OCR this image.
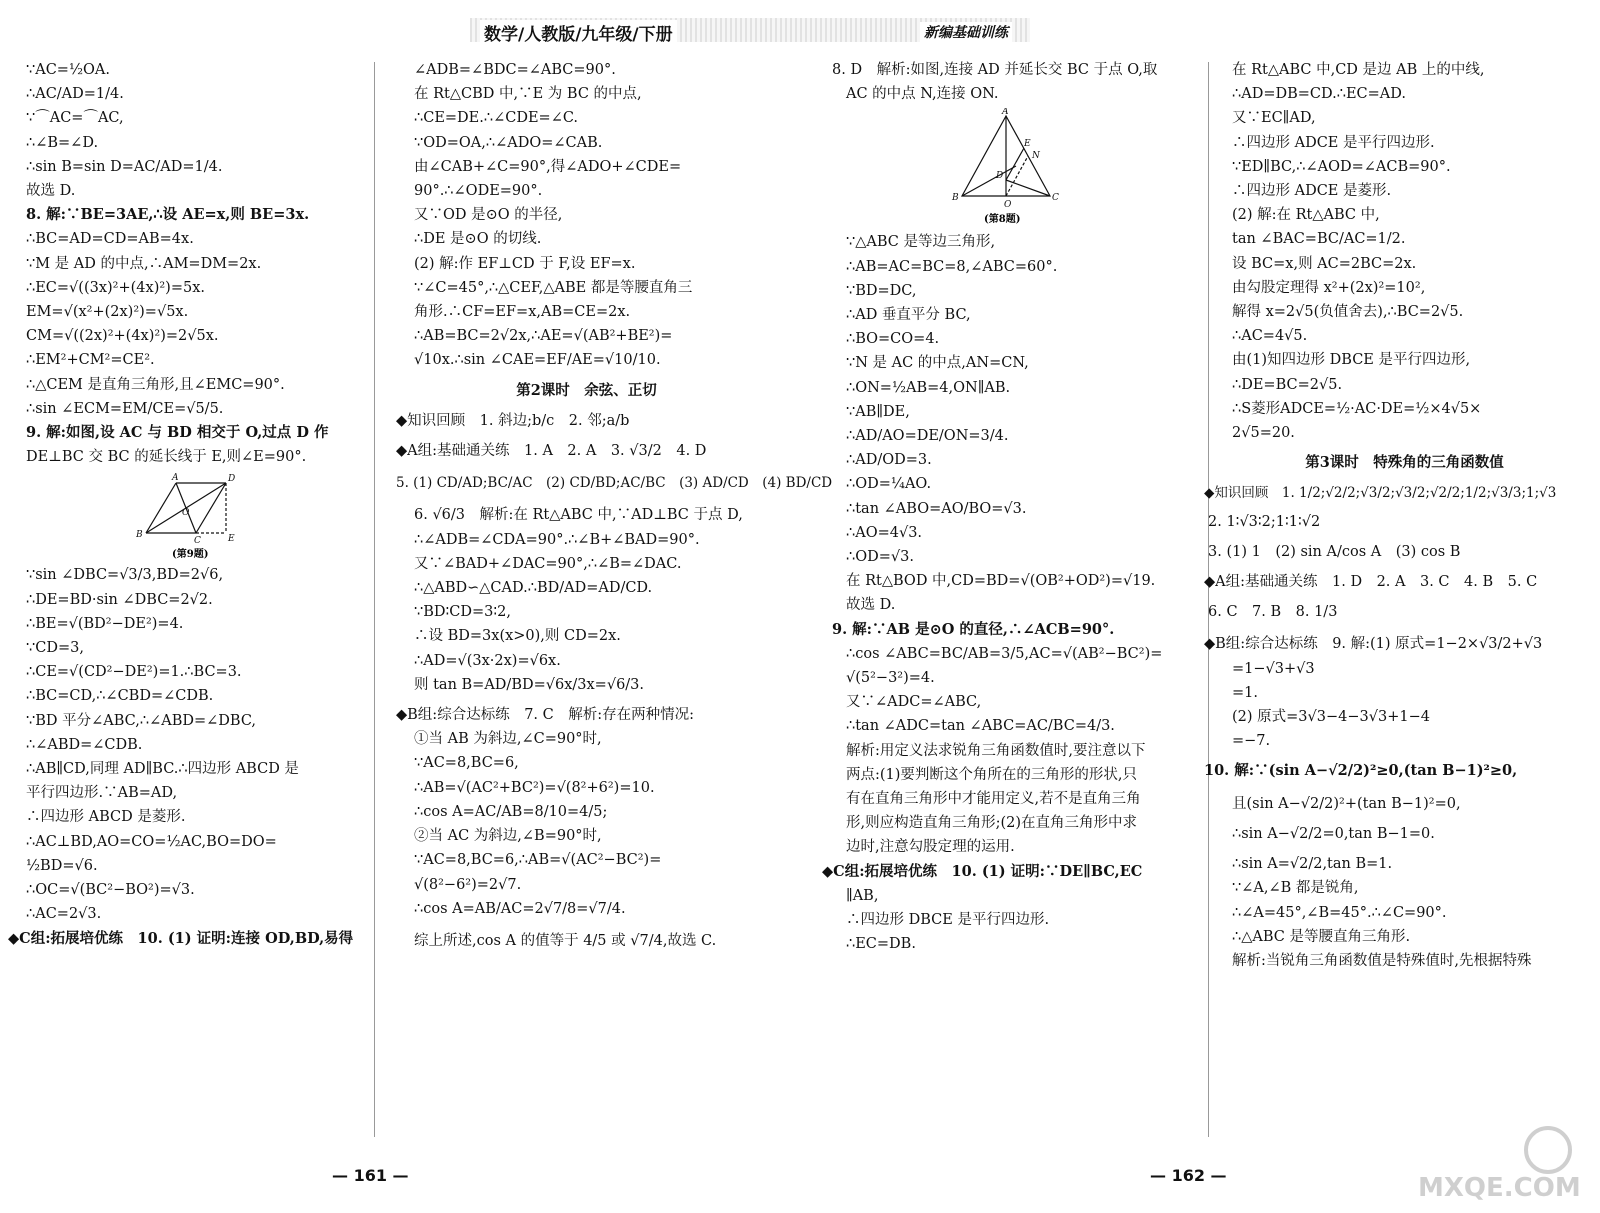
数学/人教版/九年级/下册	新编基础训练

∵AC=½OA.

∴AC/AD=1/4.

∵⌒AC=⌒AC,

∴∠B=∠D.

∴sin B=sin D=AC/AD=1/4.

故选 D.

8. 解:∵BE=3AE,∴设 AE=x,则 BE=3x.

∴BC=AD=CD=AB=4x.

∵M 是 AD 的中点,∴AM=DM=2x.

∴EC=√((3x)²+(4x)²)=5x.

EM=√(x²+(2x)²)=√5x.

CM=√((2x)²+(4x)²)=2√5x.

∴EM²+CM²=CE².

∴△CEM 是直角三角形,且∠EMC=90°.

∴sin ∠ECM=EM/CE=√5/5.

9. 解:如图,设 AC 与 BD 相交于 O,过点 D 作

DE⊥BC 交 BC 的延长线于 E,则∠E=90°.

B
A	D
C
O
E
(第9题)

∵sin ∠DBC=√3/3,BD=2√6,

∴DE=BD·sin ∠DBC=2√2.

∴BE=√(BD²−DE²)=4.

∵CD=3,

∴CE=√(CD²−DE²)=1.∴BC=3.

∴BC=CD,∴∠CBD=∠CDB.

∵BD 平分∠ABC,∴∠ABD=∠DBC,

∴∠ABD=∠CDB.

∴AB∥CD,同理 AD∥BC.∴四边形 ABCD 是

平行四边形.∵AB=AD,

∴四边形 ABCD 是菱形.

∴AC⊥BD,AO=CO=½AC,BO=DO=

½BD=√6.

∴OC=√(BC²−BO²)=√3.

∴AC=2√3.

◆C组:拓展培优练　10. (1) 证明:连接 OD,BD,易得

∠ADB=∠BDC=∠ABC=90°.

在 Rt△CBD 中,∵E 为 BC 的中点,

∴CE=DE.∴∠CDE=∠C.

∵OD=OA,∴∠ADO=∠CAB.

由∠CAB+∠C=90°,得∠ADO+∠CDE=

90°.∴∠ODE=90°.

又∵OD 是⊙O 的半径,

∴DE 是⊙O 的切线.

(2) 解:作 EF⊥CD 于 F,设 EF=x.

∵∠C=45°,∴△CEF,△ABE 都是等腰直角三

角形.∴CF=EF=x,AB=CE=2x.

∴AB=BC=2√2x,∴AE=√(AB²+BE²)=

√10x.∴sin ∠CAE=EF/AE=√10/10.

第2课时　余弦、正切

◆知识回顾　1. 斜边;b/c　2. 邻;a/b

◆A组:基础通关练　1. A　2. A　3. √3/2　4. D

5. (1) CD/AD;BC/AC　(2) CD/BD;AC/BC　(3) AD/CD　(4) BD/CD

6. √6/3　解析:在 Rt△ABC 中,∵AD⊥BC 于点 D,

∴∠ADB=∠CDA=90°.∴∠B+∠BAD=90°.

又∵∠BAD+∠DAC=90°,∴∠B=∠DAC.

∴△ABD∽△CAD.∴BD/AD=AD/CD.

∵BD∶CD=3∶2,

∴设 BD=3x(x>0),则 CD=2x.

∴AD=√(3x·2x)=√6x.

则 tan B=AD/BD=√6x/3x=√6/3.

◆B组:综合达标练　7. C　解析:存在两种情况:

①当 AB 为斜边,∠C=90°时,

∵AC=8,BC=6,

∴AB=√(AC²+BC²)=√(8²+6²)=10.

∴cos A=AC/AB=8/10=4/5;

②当 AC 为斜边,∠B=90°时,

∵AC=8,BC=6,∴AB=√(AC²−BC²)=

√(8²−6²)=2√7.

∴cos A=AB/AC=2√7/8=√7/4.

综上所述,cos A 的值等于 4/5 或 √7/4,故选 C.

8. D　解析:如图,连接 AD 并延长交 BC 于点 O,取

AC 的中点 N,连接 ON.

A
B	C
O
D
E
N
(第8题)

∵△ABC 是等边三角形,

∴AB=AC=BC=8,∠ABC=60°.

∵BD=DC,

∴AD 垂直平分 BC,

∴BO=CO=4.

∵N 是 AC 的中点,AN=CN,

∴ON=½AB=4,ON∥AB.

∵AB∥DE,

∴AD/AO=DE/ON=3/4.

∴AD/OD=3.

∴OD=¼AO.

∴tan ∠ABO=AO/BO=√3.

∴AO=4√3.

∴OD=√3.

在 Rt△BOD 中,CD=BD=√(OB²+OD²)=√19.

故选 D.

9. 解:∵AB 是⊙O 的直径,∴∠ACB=90°.

∴cos ∠ABC=BC/AB=3/5,AC=√(AB²−BC²)=

√(5²−3²)=4.

又∵∠ADC=∠ABC,

∴tan ∠ADC=tan ∠ABC=AC/BC=4/3.

解析:用定义法求锐角三角函数值时,要注意以下

两点:(1)要判断这个角所在的三角形的形状,只

有在直角三角形中才能用定义,若不是直角三角

形,则应构造直角三角形;(2)在直角三角形中求

边时,注意勾股定理的运用.

◆C组:拓展培优练　10. (1) 证明:∵DE∥BC,EC

∥AB,

∴四边形 DBCE 是平行四边形.

∴EC=DB.

在 Rt△ABC 中,CD 是边 AB 上的中线,

∴AD=DB=CD.∴EC=AD.

又∵EC∥AD,

∴四边形 ADCE 是平行四边形.

∵ED∥BC,∴∠AOD=∠ACB=90°.

∴四边形 ADCE 是菱形.

(2) 解:在 Rt△ABC 中,

tan ∠BAC=BC/AC=1/2.

设 BC=x,则 AC=2BC=2x.

由勾股定理得 x²+(2x)²=10²,

解得 x=2√5(负值舍去),∴BC=2√5.

∴AC=4√5.

由(1)知四边形 DBCE 是平行四边形,

∴DE=BC=2√5.

∴S菱形ADCE=½·AC·DE=½×4√5×

2√5=20.

第3课时　特殊角的三角函数值

◆知识回顾　1. 1/2;√2/2;√3/2;√3/2;√2/2;1/2;√3/3;1;√3

2. 1∶√3∶2;1∶1∶√2

3. (1) 1　(2) sin A/cos A　(3) cos B

◆A组:基础通关练　1. D　2. A　3. C　4. B　5. C

6. C　7. B　8. 1/3

◆B组:综合达标练　9. 解:(1) 原式=1−2×√3/2+√3

=1−√3+√3

=1.

(2) 原式=3√3−4−3√3+1−4

=−7.

10. 解:∵(sin A−√2/2)²≥0,(tan B−1)²≥0,

且(sin A−√2/2)²+(tan B−1)²=0,

∴sin A−√2/2=0,tan B−1=0.

∴sin A=√2/2,tan B=1.

∵∠A,∠B 都是锐角,

∴∠A=45°,∠B=45°.∴∠C=90°.

∴△ABC 是等腰直角三角形.

解析:当锐角三角函数值是特殊值时,先根据特殊

— 161 —	— 162 —	MXQE.COM
